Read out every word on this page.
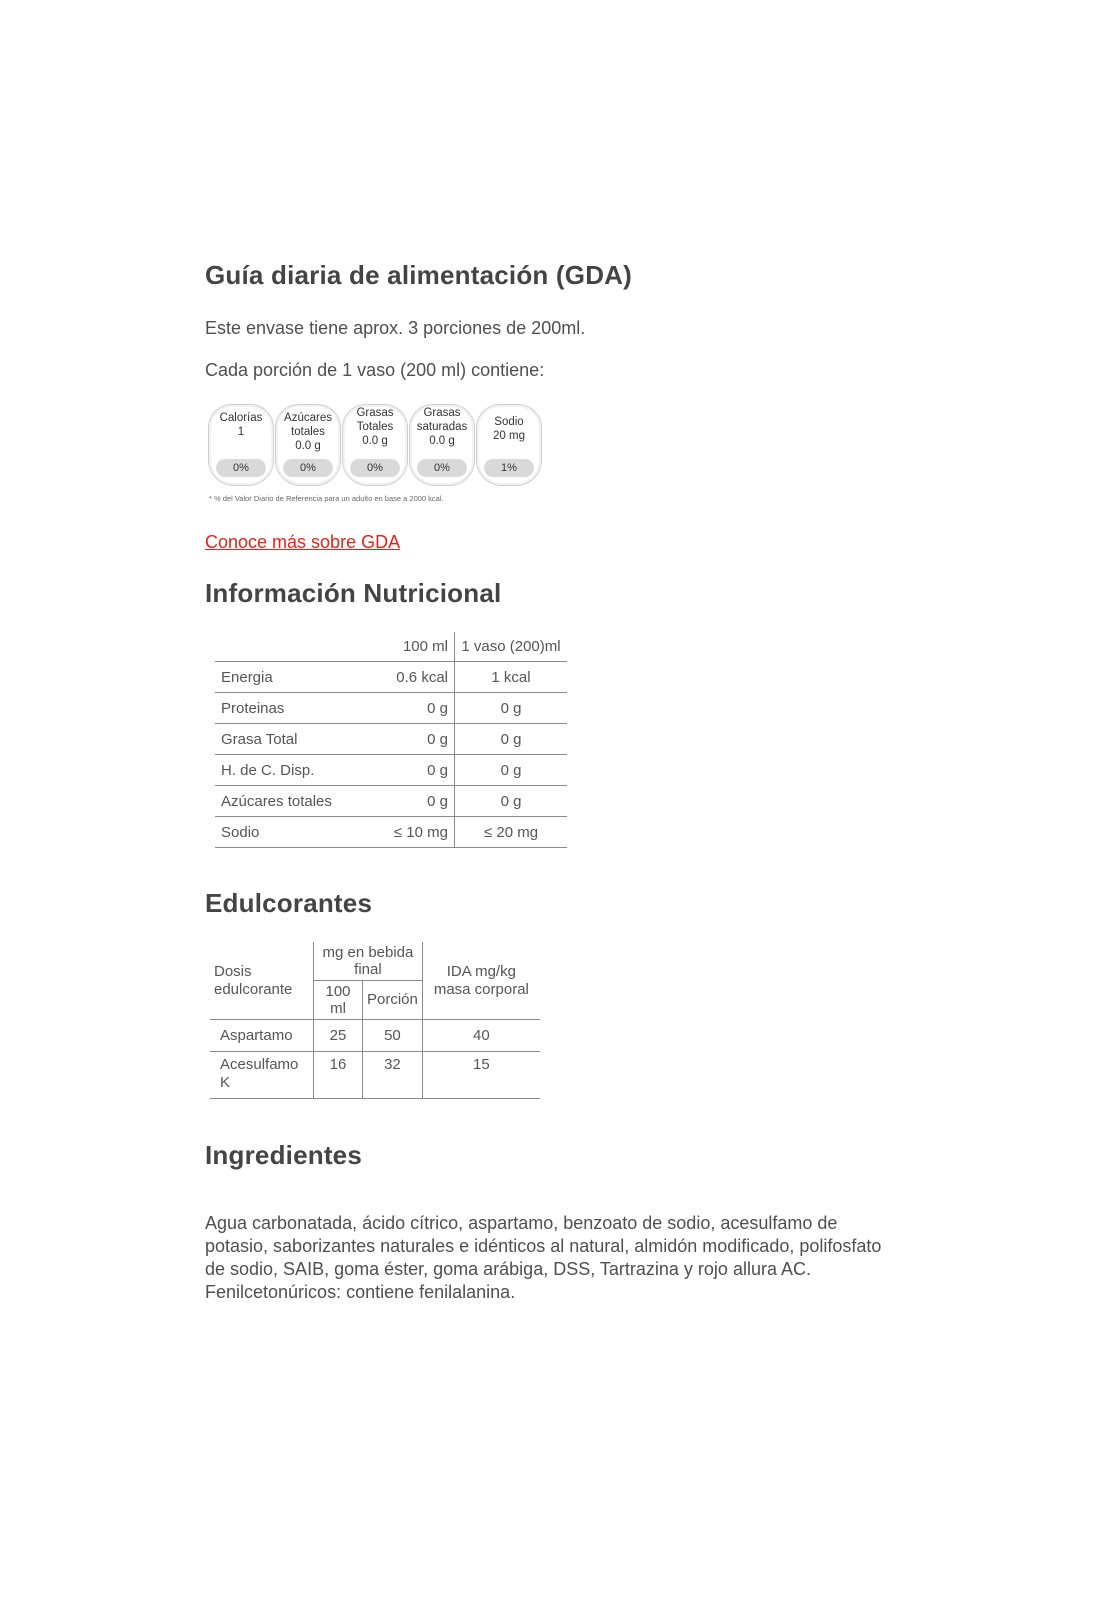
Guía diaria de alimentación (GDA)

Este envase tiene aprox. 3 porciones de 200ml.

Cada porción de 1 vaso (200 ml) contiene:

Calorías
1
0%
Azúcares
totales
0.0 g
0%
Grasas
Totales
0.0 g
0%
Grasas
saturadas
0.0 g
0%
Sodio
20 mg
1%
* % del Valor Diario de Referencia para un adulto en base a 2000 kcal.
Conoce más sobre GDA
Información Nutricional
	100 ml	1 vaso (200)ml
Energia	0.6 kcal	1 kcal
Proteinas	0 g	0 g
Grasa Total	0 g	0 g
H. de C. Disp.	0 g	0 g
Azúcares totales	0 g	0 g
Sodio	≤ 10 mg	≤ 20 mg
Edulcorantes
Dosis edulcorante	mg en bebida final		IDA mg/kg masa corporal
	100 ml	Porción	
Aspartamo	25	50	40
Acesulfamo K	16	32	15
Ingredientes

Agua carbonatada, ácido cítrico, aspartamo, benzoato de sodio, acesulfamo de potasio, saborizantes naturales e idénticos al natural, almidón modificado, polifosfato de sodio, SAIB, goma éster, goma arábiga, DSS, Tartrazina y rojo allura AC. Fenilcetonúricos: contiene fenilalanina.
